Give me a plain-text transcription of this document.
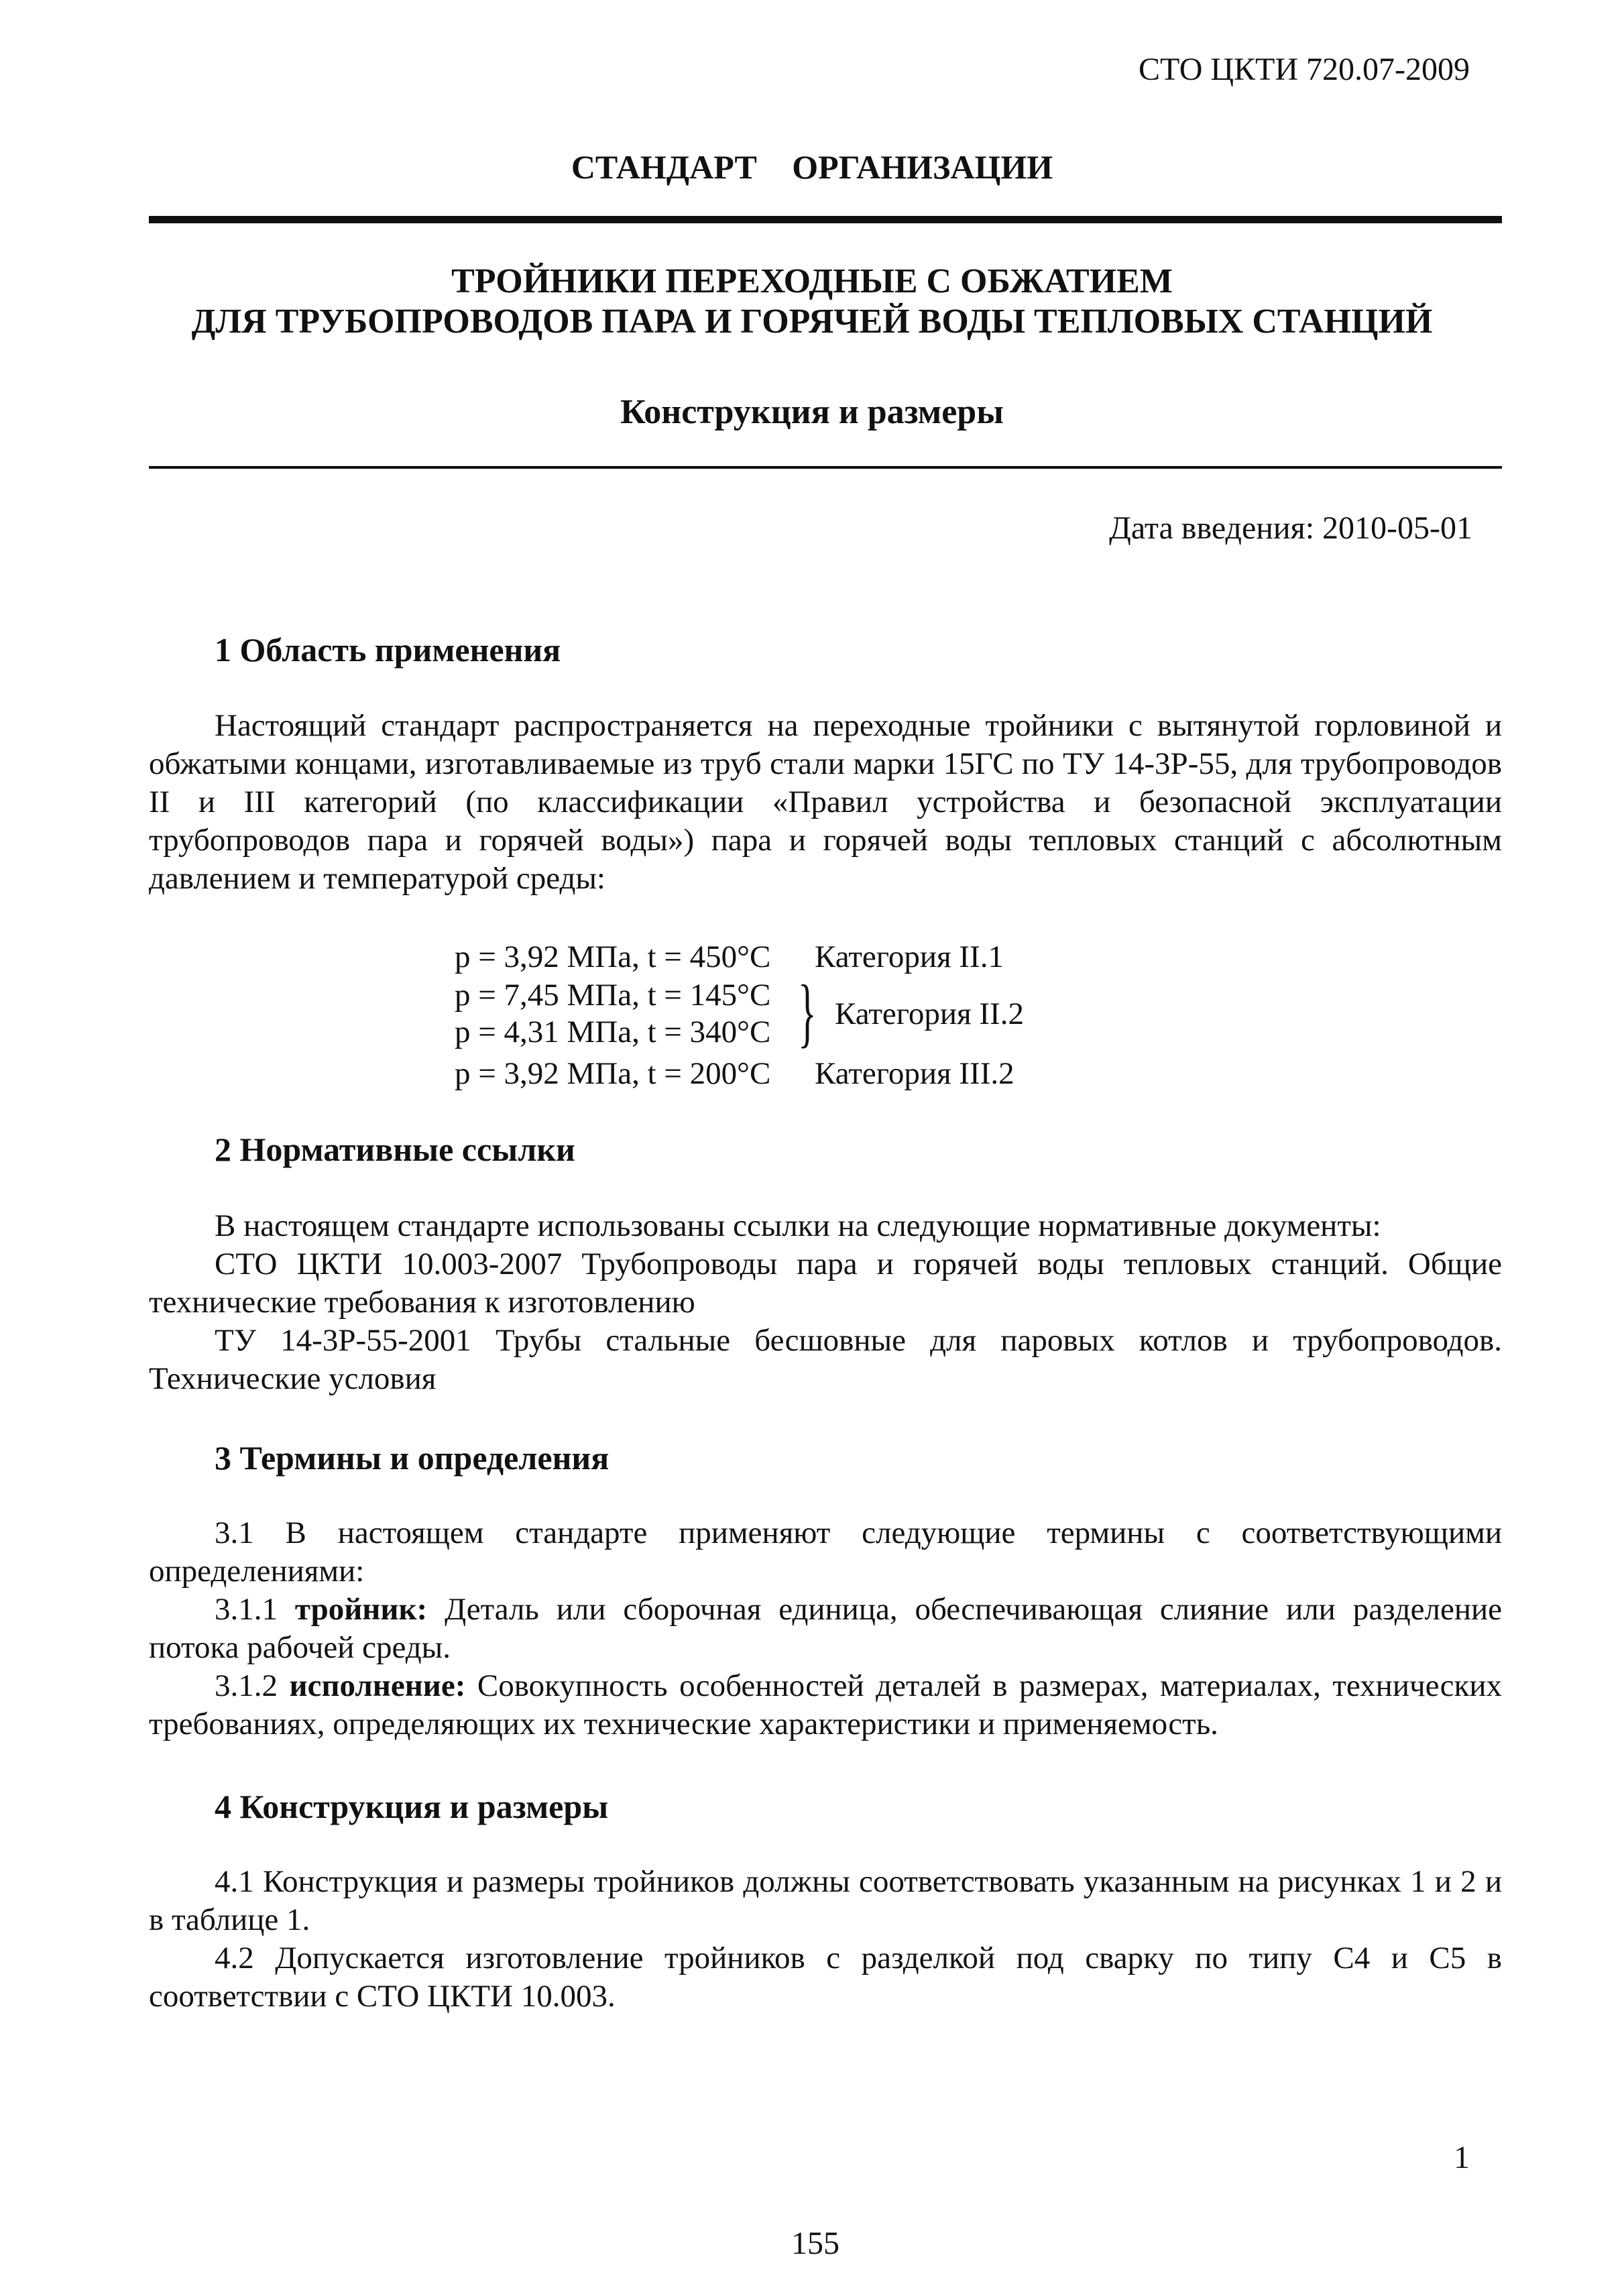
СТО ЦКТИ 720.07-2009
СТАНДАРТ ОРГАНИЗАЦИИ
ТРОЙНИКИ ПЕРЕХОДНЫЕ С ОБЖАТИЕМ
ДЛЯ ТРУБОПРОВОДОВ ПАРА И ГОРЯЧЕЙ ВОДЫ ТЕПЛОВЫХ СТАНЦИЙ
Конструкция и размеры
Дата введения: 2010-05-01
1 Область применения

Настоящий стандарт распространяется на переходные тройники с вытянутой горловиной и обжатыми концами, изготавливаемые из труб стали марки 15ГС по ТУ 14-3Р-55, для трубопроводов II и III категорий (по классификации «Правил устройства и безопасной эксплуатации трубопроводов пара и горячей воды») пара и горячей воды тепловых станций с абсолютным давлением и температурой среды:

p = 3,92 МПа, t = 450°C Категория II.1
p = 7,45 МПа, t = 145°C
p = 4,31 МПа, t = 340°C } Категория II.2
p = 3,92 МПа, t = 200°C Категория III.2
2 Нормативные ссылки

В настоящем стандарте использованы ссылки на следующие нормативные документы:

СТО ЦКТИ 10.003-2007 Трубопроводы пара и горячей воды тепловых станций. Общие технические требования к изготовлению

ТУ 14-3Р-55-2001 Трубы стальные бесшовные для паровых котлов и трубопроводов. Технические условия

3 Термины и определения

3.1 В настоящем стандарте применяют следующие термины с соответствующими определениями:

3.1.1 тройник: Деталь или сборочная единица, обеспечивающая слияние или разделение потока рабочей среды.

3.1.2 исполнение: Совокупность особенностей деталей в размерах, материалах, технических требованиях, определяющих их технические характеристики и применяемость.

4 Конструкция и размеры

4.1 Конструкция и размеры тройников должны соответствовать указанным на рисунках 1 и 2 и в таблице 1.

4.2 Допускается изготовление тройников с разделкой под сварку по типу С4 и С5 в соответствии с СТО ЦКТИ 10.003.

1
155
